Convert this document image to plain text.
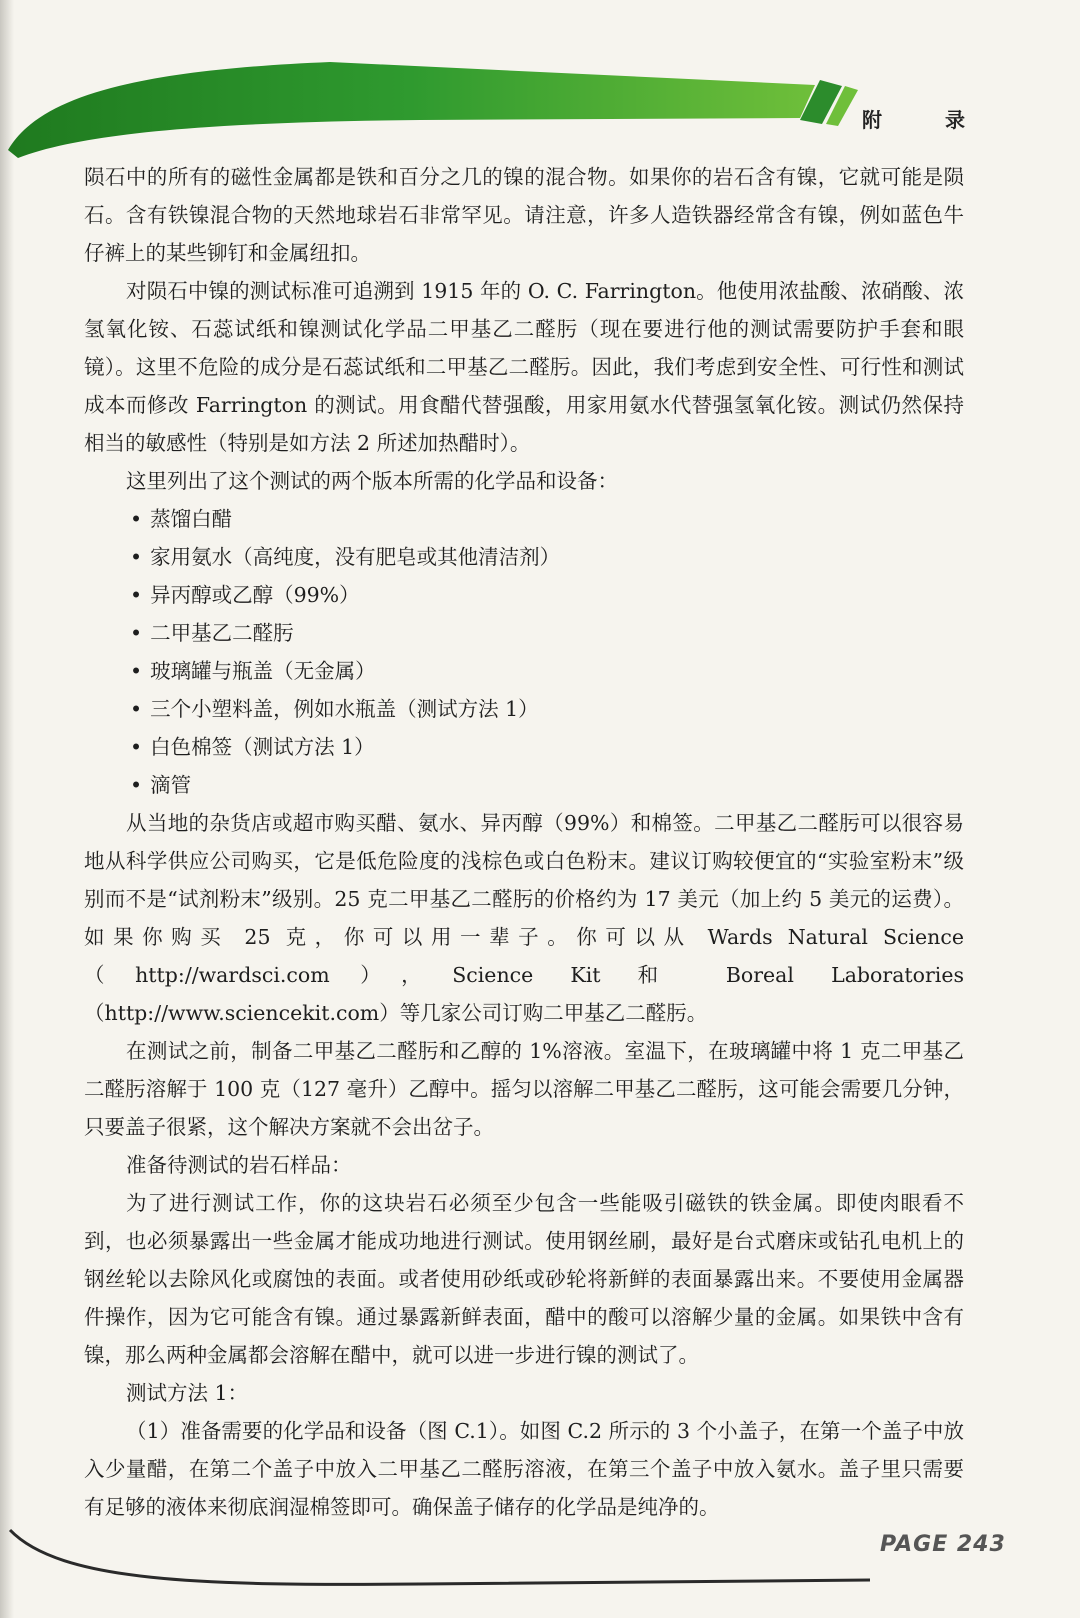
附 录

陨石中的所有的磁性金属都是铁和百分之几的镍的混合物。如果你的岩石含有镍，它就可能是陨石。含有铁镍混合物的天然地球岩石非常罕见。请注意，许多人造铁器经常含有镍，例如蓝色牛仔裤上的某些铆钉和金属纽扣。

对陨石中镍的测试标准可追溯到 1915 年的 O. C. Farrington。他使用浓盐酸、浓硝酸、浓氢氧化铵、石蕊试纸和镍测试化学品二甲基乙二醛肟（现在要进行他的测试需要防护手套和眼镜）。这里不危险的成分是石蕊试纸和二甲基乙二醛肟。因此，我们考虑到安全性、可行性和测试成本而修改 Farrington 的测试。用食醋代替强酸，用家用氨水代替强氢氧化铵。测试仍然保持相当的敏感性（特别是如方法 2 所述加热醋时）。

这里列出了这个测试的两个版本所需的化学品和设备：

• 蒸馏白醋
• 家用氨水（高纯度，没有肥皂或其他清洁剂）
• 异丙醇或乙醇（99%）
• 二甲基乙二醛肟
• 玻璃罐与瓶盖（无金属）
• 三个小塑料盖，例如水瓶盖（测试方法 1）
• 白色棉签（测试方法 1）
• 滴管

从当地的杂货店或超市购买醋、氨水、异丙醇（99%）和棉签。二甲基乙二醛肟可以很容易地从科学供应公司购买，它是低危险度的浅棕色或白色粉末。建议订购较便宜的“实验室粉末”级别而不是“试剂粉末”级别。25 克二甲基乙二醛肟的价格约为 17 美元（加上约 5 美元的运费）。如果你购买 25 克，你可以用一辈子。你可以从 Wards Natural Science（http://wardsci.com），Science Kit 和 Boreal Laboratories（http://www.sciencekit.com）等几家公司订购二甲基乙二醛肟。

在测试之前，制备二甲基乙二醛肟和乙醇的 1%溶液。室温下，在玻璃罐中将 1 克二甲基乙二醛肟溶解于 100 克（127 毫升）乙醇中。摇匀以溶解二甲基乙二醛肟，这可能会需要几分钟，只要盖子很紧，这个解决方案就不会出岔子。

准备待测试的岩石样品：

为了进行测试工作，你的这块岩石必须至少包含一些能吸引磁铁的铁金属。即使肉眼看不到，也必须暴露出一些金属才能成功地进行测试。使用钢丝刷，最好是台式磨床或钻孔电机上的钢丝轮以去除风化或腐蚀的表面。或者使用砂纸或砂轮将新鲜的表面暴露出来。不要使用金属器件操作，因为它可能含有镍。通过暴露新鲜表面，醋中的酸可以溶解少量的金属。如果铁中含有镍，那么两种金属都会溶解在醋中，就可以进一步进行镍的测试了。

测试方法 1：

（1）准备需要的化学品和设备（图 C.1）。如图 C.2 所示的 3 个小盖子，在第一个盖子中放入少量醋，在第二个盖子中放入二甲基乙二醛肟溶液，在第三个盖子中放入氨水。盖子里只需要有足够的液体来彻底润湿棉签即可。确保盖子储存的化学品是纯净的。

PAGE 243
